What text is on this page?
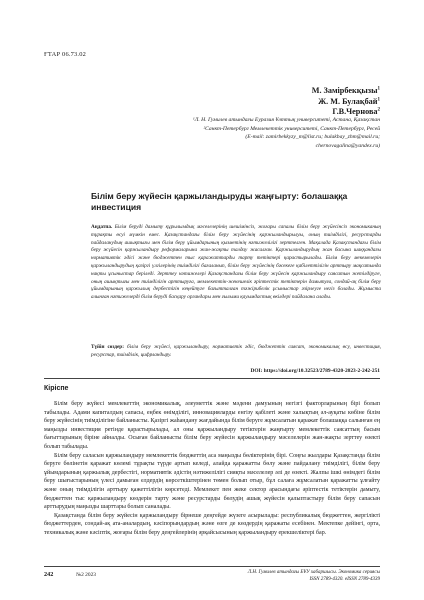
ҒТАР 06.73.02
М. Замірбекқызы$^1$
Ж. М. Булақбай$^1$
Г.В.Чернова$^2$
¹Л. Н. Гумилев атындағы Еуразия Ұлттық университеті, Астана, Қазақстан
²Санкт-Петербург Мемлекеттік университеті, Санкт-Петербург, Ресей
(E-mail: zamirbekkyzy_m@list.ru; bulakbay_zhm@mail.ru;
chernovagalina@yandex.ru)
Білім беру жүйесін қаржыландыруды жаңғырту: болашаққа инвестиция
Аңдатпа. Білім беруді дамыту құрылымдық мәселелерінің шешімінсіз, жоғары сапалы білім беру жүйесінсіз экономиканың тұрақты өсуі мүмкін емес. Қазақстандағы білім беру жүйесінің қаржыландырылуы, оның тиімділігі, ресурстарды пайдаланудың ашықтығы мен білім беру ұйымдарының қызметінің нәтижелілігі зерттелген. Мақалада Қазақстандағы білім беру жүйесін қаржыландыру реформаларына жан-жақты талдау жасалған. Қаржыландырудың жан басына шаққандағы нормативтік әдісі және бюджеттен тыс қаражаттарды тарту тетіктері қарастырылады. Білім беру мекемелерін қаржыландырудың қазіргі үлгілерінің тиімділігі бағаланып, білім беру жүйесінің бәсекеге қабілеттілігін арттыру мақсатында нақты ұсыныстар беріледі. Зерттеу нәтижелері Қазақстандағы білім беру жүйесін қаржыландыру саясатын жетілдіруге, оның ашықтығы мен тиімділігін арттыруға, мемлекеттік-жекешелік әріптестік тетіктерін дамытуға, сондай-ақ білім беру ұйымдарының қаржылық дербестігін кеңейтуге бағытталған тәжірибелік ұсыныстар әзірлеуге негіз болады. Жұмыста алынған нәтижелерді білім беруді басқару органдары мен ғылыми қауымдастық өкілдері пайдалана алады.
Түйін сөздер: білім беру жүйесі, қаржыландыру, нормативтік әдіс, бюджеттік саясат, экономикалық өсу, инвестиция, ресурстар, тиімділік, цифрландыру.
DOI: https://doi.org/10.32523/2789-4320-2023-2-242-251
Кіріспе

Білім беру жүйесі мемлекеттің экономикалық, әлеуметтік және мәдени дамуының негізгі факторларының бірі болып табылады. Адами капиталдың сапасы, еңбек өнімділігі, инновацияларды енгізу қабілеті және халықтың әл-ауқаты көбіне білім беру жүйесінің тиімділігіне байланысты. Қазіргі жаһандану жағдайында білім беруге жұмсалатын қаражат болашаққа салынған ең маңызды инвестиция ретінде қарастырылады, ал оны қаржыландыру тетіктерін жаңғырту мемлекеттік саясаттың басым бағыттарының біріне айналды. Осыған байланысты білім беру жүйесін қаржыландыру мәселелерін жан-жақты зерттеу өзекті болып табылады.

Білім беру саласын қаржыландыру мемлекеттік бюджеттің аса маңызды бөліктерінің бірі. Соңғы жылдары Қазақстанда білім беруге бөлінетін қаражат көлемі тұрақты түрде артып келеді, алайда қаражатты бөлу және пайдалану тиімділігі, білім беру ұйымдарының қаржылық дербестігі, нормативтік әдістің нәтижелілігі сияқты мәселелер әлі де өзекті. Жалпы ішкі өнімдегі білім беру шығыстарының үлесі дамыған елдердің көрсеткіштерінен төмен болып отыр, бұл салаға жұмсалатын қаражатты ұлғайту және оның тиімділігін арттыру қажеттілігін көрсетеді. Мемлекет пен жеке сектор арасындағы әріптестік тетіктерін дамыту, бюджеттен тыс қаржыландыру көздерін тарту және ресурстарды бөлудің ашық жүйесін қалыптастыру білім беру сапасын арттырудың маңызды шарттары болып саналады.

Қазақстанда білім беру жүйесін қаржыландыру бірнеше деңгейде жүзеге асырылады: республикалық бюджеттен, жергілікті бюджеттерден, сондай-ақ ата-аналардың, кәсіпорындардың және өзге де көздердің қаражаты есебінен. Мектепке дейінгі, орта, техникалық және кәсіптік, жоғары білім беру деңгейлерінің әрқайсысының қаржыландыру ерекшеліктері бар.

242	№2 2023	Л.Н. Гумилев атындағы ЕҰУ хабаршысы. Экономика сериясы
ISSN 2789-4320. eISSN 2789-4339
